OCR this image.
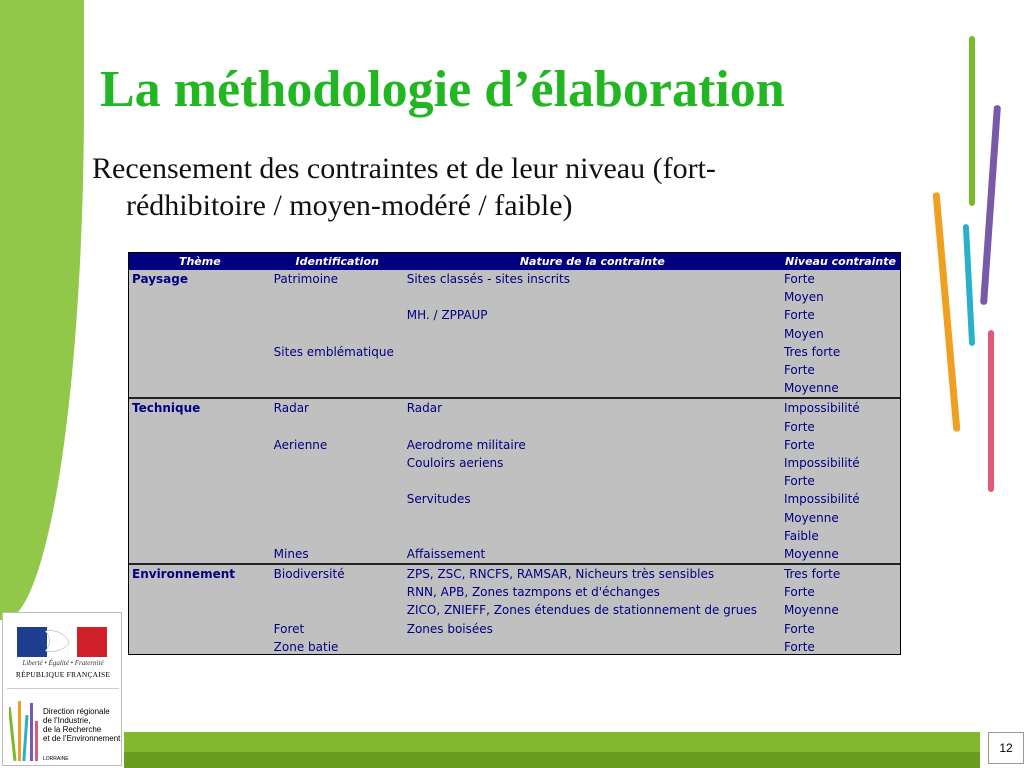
La méthodologie d’élaboration
Recensement des contraintes et de leur niveau (fort-
rédhibitoire / moyen-modéré / faible)
Thème	Identification	Nature de la contrainte	Niveau contrainte
Paysage	Patrimoine	Sites classés - sites inscrits	Forte
			Moyen
		MH. / ZPPAUP	Forte
			Moyen
	Sites emblématique		Tres forte
			Forte
			Moyenne
Technique	Radar	Radar	Impossibilité
			Forte
	Aerienne	Aerodrome militaire	Forte
		Couloirs aeriens	Impossibilité
			Forte
		Servitudes	Impossibilité
			Moyenne
			Faible
	Mines	Affaissement	Moyenne
Environnement	Biodiversité	ZPS, ZSC, RNCFS, RAMSAR, Nicheurs très sensibles	Tres forte
		RNN, APB, Zones tazmpons et d'échanges	Forte
		ZICO, ZNIEFF, Zones étendues de stationnement de grues	Moyenne
	Foret	Zones boisées	Forte
	Zone batie		Forte
Liberté • Égalité • Fraternité
RÉPUBLIQUE FRANÇAISE
Direction régionale
de l’Industrie,
de la Recherche
et de l’Environnement
LORRAINE
12
